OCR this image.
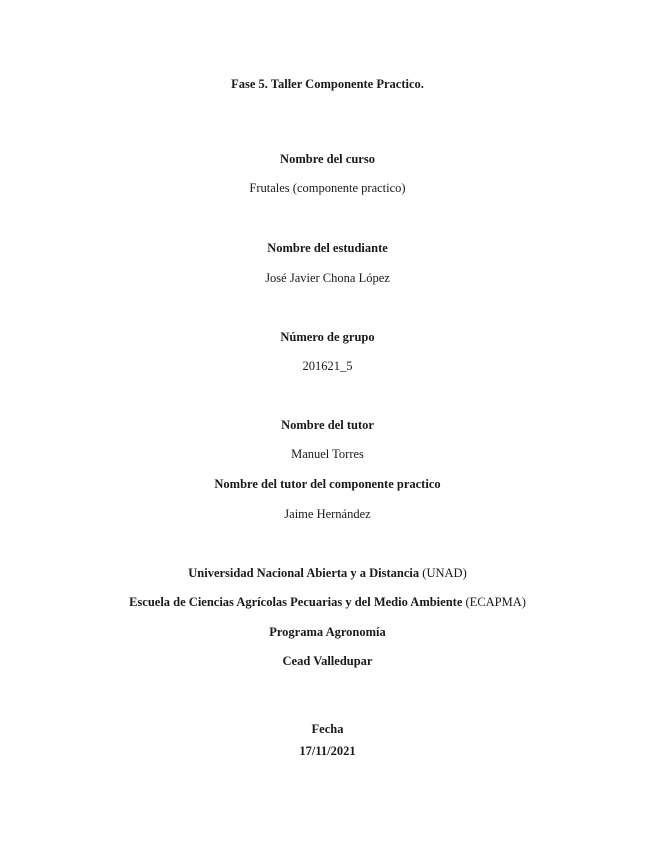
Fase 5. Taller Componente Practico.
Nombre del curso
Frutales (componente practico)
Nombre del estudiante
José Javier Chona López
Número de grupo
201621_5
Nombre del tutor
Manuel Torres
Nombre del tutor del componente practico
Jaime Hernández
Universidad Nacional Abierta y a Distancia (UNAD)
Escuela de Ciencias Agrícolas Pecuarias y del Medio Ambiente (ECAPMA)
Programa Agronomía
Cead Valledupar
Fecha
17/11/2021
